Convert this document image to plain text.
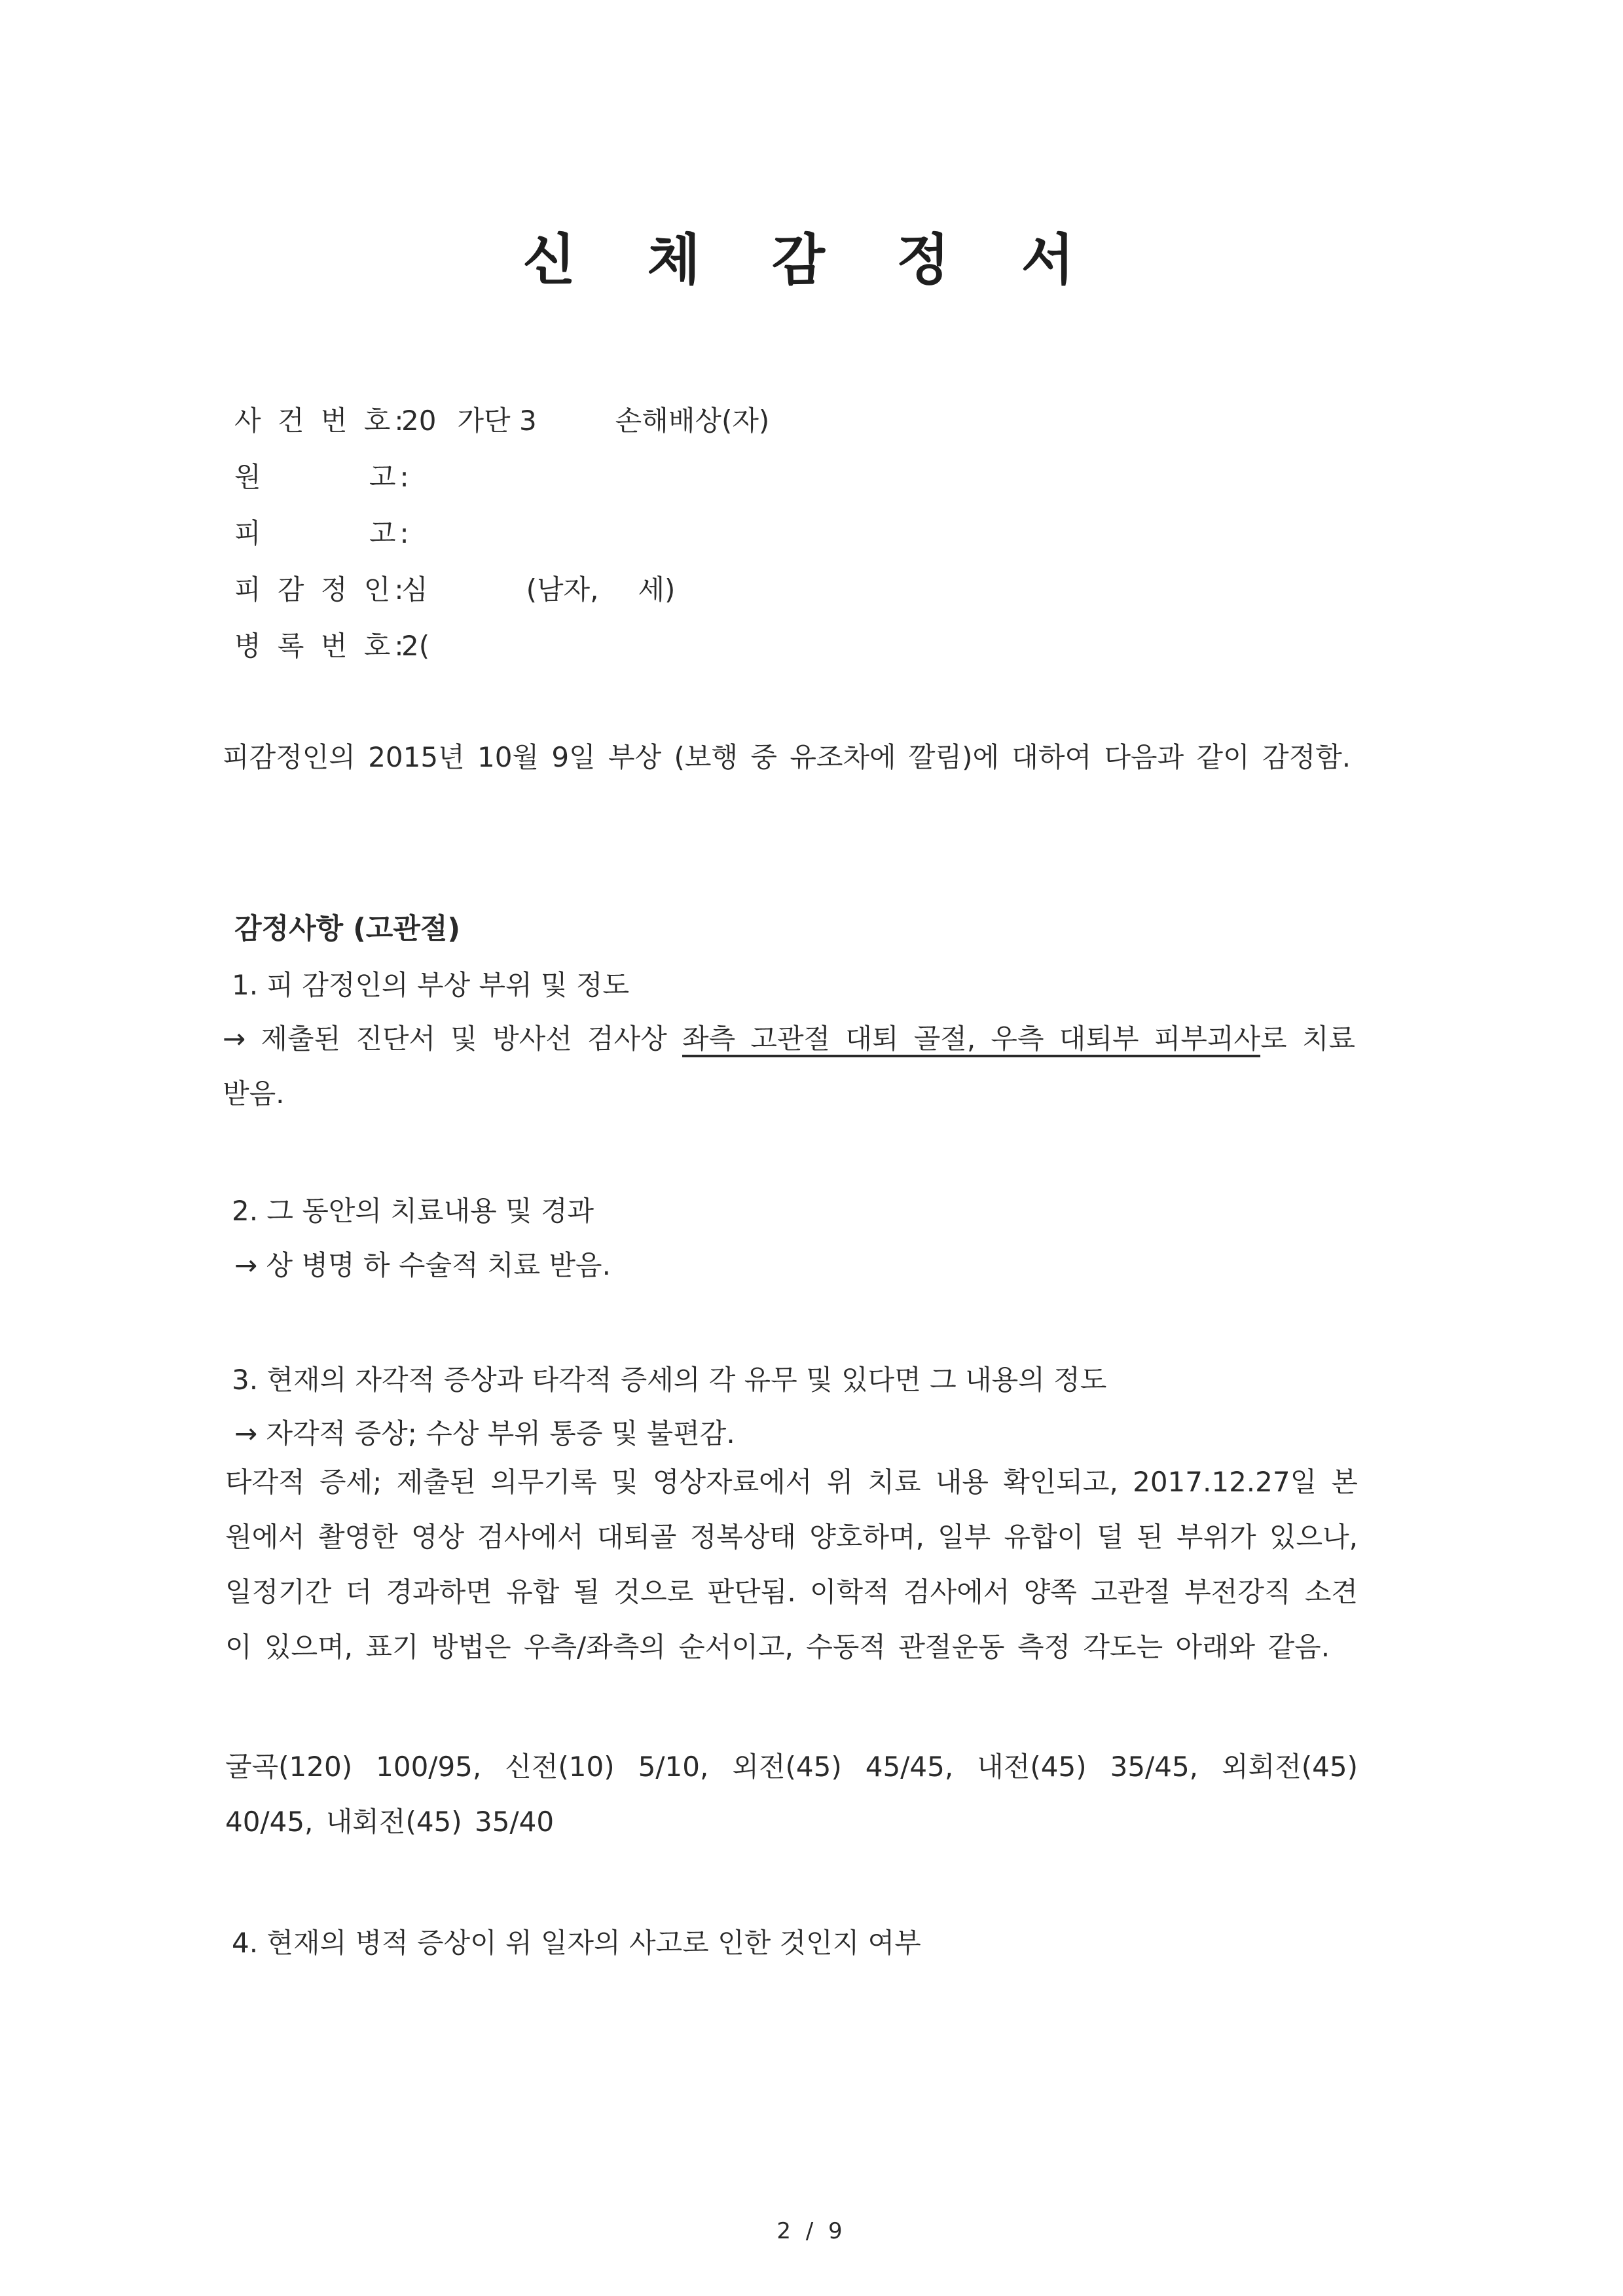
신 체 감 정 서
사 건 번 호:
20 가단 3	손해배상(자)
원 고:
피 고:
피 감 정 인:
심	(남자, 세)
병 록 번 호:
2(
피감정인의 2015년 10월 9일 부상 (보행 중 유조차에 깔림)에 대하여 다음과 같이 감정함.
감정사항 (고관절)
1. 피 감정인의 부상 부위 및 정도
→ 제출된 진단서 및 방사선 검사상 좌측 고관절 대퇴 골절, 우측 대퇴부 피부괴사로 치료 받음.
2. 그 동안의 치료내용 및 경과
→ 상 병명 하 수술적 치료 받음.
3. 현재의 자각적 증상과 타각적 증세의 각 유무 및 있다면 그 내용의 정도
→ 자각적 증상; 수상 부위 통증 및 불편감.
타각적 증세; 제출된 의무기록 및 영상자료에서 위 치료 내용 확인되고, 2017.12.27일 본원에서 촬영한 영상 검사에서 대퇴골 정복상태 양호하며, 일부 유합이 덜 된 부위가 있으나, 일정기간 더 경과하면 유합 될 것으로 판단됨. 이학적 검사에서 양쪽 고관절 부전강직 소견이 있으며, 표기 방법은 우측/좌측의 순서이고, 수동적 관절운동 측정 각도는 아래와 같음.
굴곡(120) 100/95, 신전(10) 5/10, 외전(45) 45/45, 내전(45) 35/45, 외회전(45) 40/45, 내회전(45) 35/40
4. 현재의 병적 증상이 위 일자의 사고로 인한 것인지 여부
2 / 9
